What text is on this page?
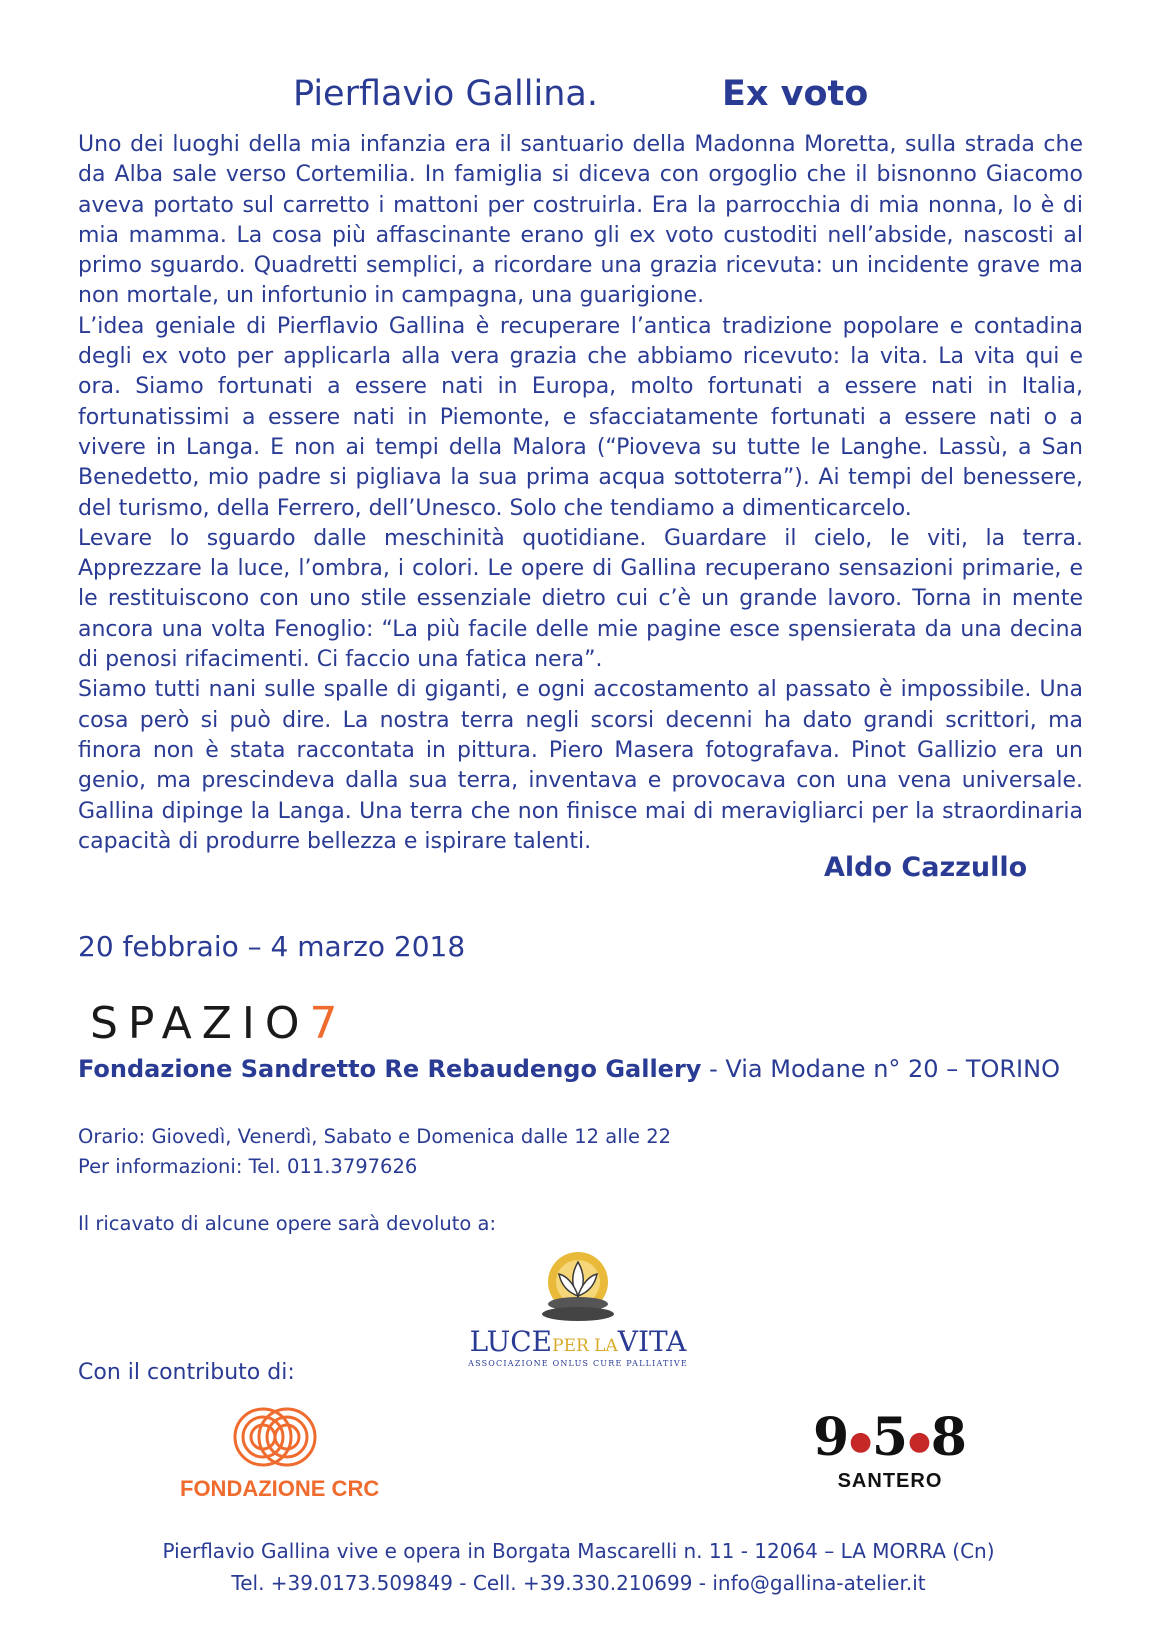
Pierflavio Gallina.	Ex voto

Uno dei luoghi della mia infanzia era il santuario della Madonna Moretta, sulla strada che da Alba sale verso Cortemilia. In famiglia si diceva con orgoglio che il bisnonno Giacomo aveva portato sul carretto i mattoni per costruirla. Era la parrocchia di mia nonna, lo è di mia mamma. La cosa più affascinante erano gli ex voto custoditi nell’abside, nascosti al primo sguardo. Quadretti semplici, a ricordare una grazia ricevuta: un incidente grave ma non mortale, un infortunio in campagna, una guarigione.

L’idea geniale di Pierflavio Gallina è recuperare l’antica tradizione popolare e contadina degli ex voto per applicarla alla vera grazia che abbiamo ricevuto: la vita. La vita qui e ora. Siamo fortunati a essere nati in Europa, molto fortunati a essere nati in Italia, fortunatissimi a essere nati in Piemonte, e sfacciatamente fortunati a essere nati o a vivere in Langa. E non ai tempi della Malora (“Pioveva su tutte le Langhe. Lassù, a San Benedetto, mio padre si pigliava la sua prima acqua sottoterra”). Ai tempi del benessere, del turismo, della Ferrero, dell’Unesco. Solo che tendiamo a dimenticarcelo.

Levare lo sguardo dalle meschinità quotidiane. Guardare il cielo, le viti, la terra. Apprezzare la luce, l’ombra, i colori. Le opere di Gallina recuperano sensazioni primarie, e le restituiscono con uno stile essenziale dietro cui c’è un grande lavoro. Torna in mente ancora una volta Fenoglio: “La più facile delle mie pagine esce spensierata da una decina di penosi rifacimenti. Ci faccio una fatica nera”.

Siamo tutti nani sulle spalle di giganti, e ogni accostamento al passato è impossibile. Una cosa però si può dire. La nostra terra negli scorsi decenni ha dato grandi scrittori, ma finora non è stata raccontata in pittura. Piero Masera fotografava. Pinot Gallizio era un genio, ma prescindeva dalla sua terra, inventava e provocava con una vena universale. Gallina dipinge la Langa. Una terra che non finisce mai di meravigliarci per la straordinaria capacità di produrre bellezza e ispirare talenti.

Aldo Cazzullo
20 febbraio – 4 marzo 2018
SPAZIO7
Fondazione Sandretto Re Rebaudengo Gallery - Via Modane n° 20 – TORINO
Orario: Giovedì, Venerdì, Sabato e Domenica dalle 12 alle 22
Per informazioni: Tel. 011.3797626
Il ricavato di alcune opere sarà devoluto a:
LUCEPER LAVITA
ASSOCIAZIONE ONLUS CURE PALLIATIVE
Con il contributo di:
FONDAZIONE CRC
9●5●8
SANTERO
Pierflavio Gallina vive e opera in Borgata Mascarelli n. 11 - 12064 – LA MORRA (Cn)
Tel. +39.0173.509849 - Cell. +39.330.210699 - info@gallina-atelier.it
